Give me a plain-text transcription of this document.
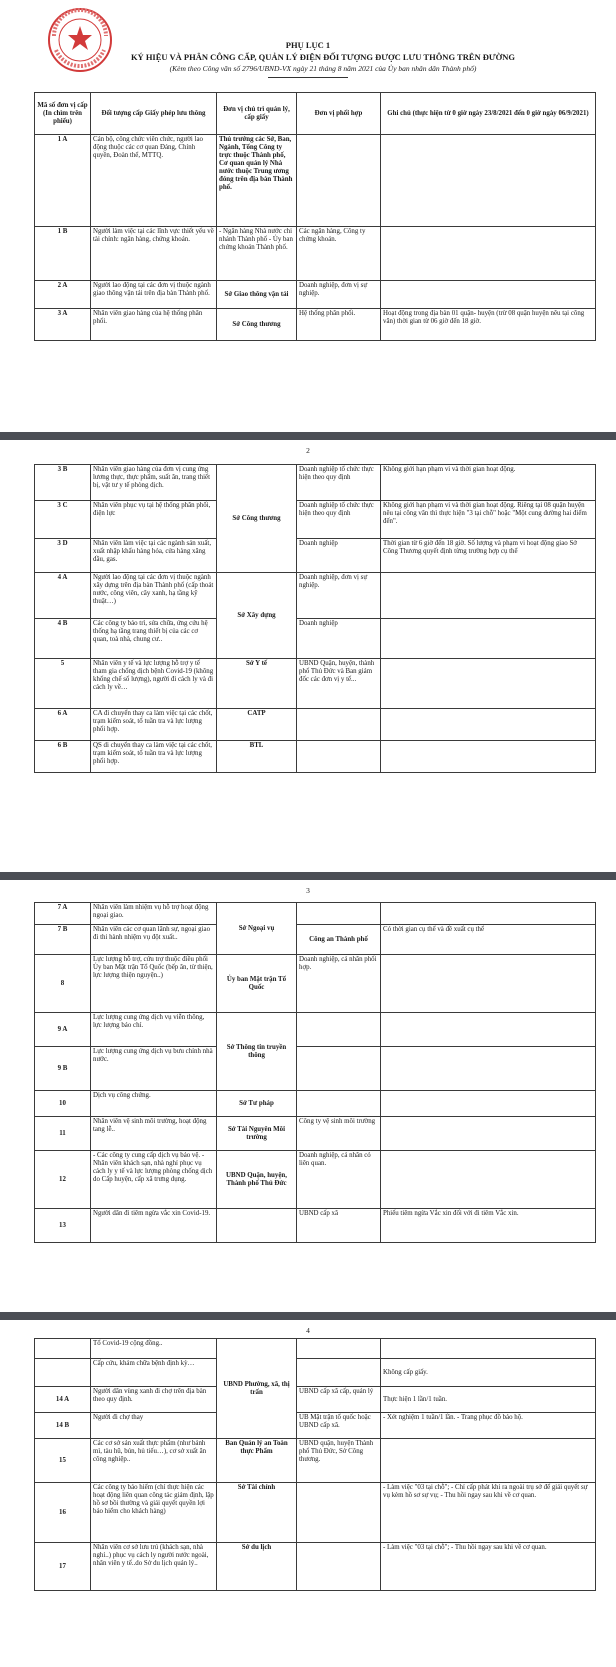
PHỤ LỤC 1
KÝ HIỆU VÀ PHÂN CÔNG CẤP, QUẢN LÝ ĐIỆN ĐỐI TƯỢNG ĐƯỢC LƯU THÔNG TRÊN ĐƯỜNG
(Kèm theo Công văn số 2796/UBND-VX ngày 21 tháng 8 năm 2021 của Ủy ban nhân dân Thành phố)
Mã số đơn vị cấp (In chìm trên phiếu)	Đối tượng cấp Giấy phép lưu thông	Đơn vị chủ trì quản lý, cấp giấy	Đơn vị phối hợp	Ghi chú (thực hiện từ 0 giờ ngày 23/8/2021 đến 0 giờ ngày 06/9/2021)
1 A	Cán bộ, công chức viên chức, người lao động thuộc các cơ quan Đảng, Chính quyền, Đoàn thể, MTTQ.	Thủ trưởng các Sở, Ban, Ngành, Tổng Công ty trực thuộc Thành phố, Cơ quan quản lý Nhà nước thuộc Trung ương đóng trên địa bàn Thành phố.		
1 B	Người làm việc tại các lĩnh vực thiết yếu về tài chính: ngân hàng, chứng khoán.	- Ngân hàng Nhà nước chi nhánh Thành phố - Ủy ban chứng khoán Thành phố.	Các ngân hàng, Công ty chứng khoán.	
2 A	Người lao động tại các đơn vị thuộc ngành giao thông vận tải trên địa bàn Thành phố.	Sở Giao thông vận tải	Doanh nghiệp, đơn vị sự nghiệp.	
3 A	Nhân viên giao hàng của hệ thống phân phối.	Sở Công thương	Hệ thống phân phối.	Hoạt động trong địa bàn 01 quận- huyện (trừ 08 quận huyện nêu tại công văn) thời gian từ 06 giờ đến 18 giờ.
2
3 B	Nhân viên giao hàng của đơn vị cung ứng lương thực, thực phẩm, suất ăn, trang thiết bị, vật tư y tế phòng dịch.	Sở Công thương	Doanh nghiệp tổ chức thực hiện theo quy định	Không giới hạn phạm vi và thời gian hoạt động.
3 C	Nhân viên phục vụ tại hệ thống phân phối, điện lực		Doanh nghiệp tổ chức thực hiện theo quy định	Không giới hạn phạm vi và thời gian hoạt động. Riêng tại 08 quận huyện nêu tại công văn thì thực hiện "3 tại chỗ" hoặc "Một cung đường hai điểm đến".
3 D	Nhân viên làm việc tại các ngành sản xuất, xuất nhập khẩu hàng hóa, cửa hàng xăng dầu, gas.		Doanh nghiệp	Thời gian từ 6 giờ đến 18 giờ. Số lượng và phạm vi hoạt động giao Sở Công Thương quyết định từng trường hợp cụ thể
4 A	Người lao động tại các đơn vị thuộc ngành xây dựng trên địa bàn Thành phố (cấp thoát nước, công viên, cây xanh, hạ tầng kỹ thuật…)	Sở Xây dựng	Doanh nghiệp, đơn vị sự nghiệp.	
4 B	Các công ty bảo trì, sửa chữa, ứng cứu hệ thống hạ tầng trang thiết bị của các cơ quan, toà nhà, chung cư..		Doanh nghiệp	
5	Nhân viên y tế và lực lượng hỗ trợ y tế tham gia chống dịch bệnh Covid-19 (không khống chế số lượng), người đi cách ly và đi cách ly về…	Sở Y tế	UBND Quận, huyện, thành phố Thủ Đức và Ban giám đốc các đơn vị y tế...	
6 A	CA đi chuyển thay ca làm việc tại các chốt, trạm kiểm soát, tổ tuần tra và lực lượng phối hợp.	CATP		
6 B	QS di chuyển thay ca làm việc tại các chốt, trạm kiểm soát, tổ tuần tra và lực lượng phối hợp.	BTL		
3
7 A	Nhân viên làm nhiệm vụ hỗ trợ hoạt động ngoại giao.	Sở Ngoại vụ		
7 B	Nhân viên các cơ quan lãnh sự, ngoại giao đi thi hành nhiệm vụ đột xuất..		Công an Thành phố	Có thời gian cụ thể và đề xuất cụ thể
8	Lực lượng hỗ trợ, cứu trợ thuộc điều phối Ủy ban Mặt trận Tổ Quốc (bếp ăn, từ thiện, lực lượng thiện nguyện..)	Ủy ban Mặt trận Tổ Quốc	Doanh nghiệp, cá nhân phối hợp.	
9 A	Lực lượng cung ứng dịch vụ viễn thông, lực lượng báo chí.	Sở Thông tin truyền thông		
9 B	Lực lượng cung ứng dịch vụ bưu chính nhà nước.			
10	Dịch vụ công chứng.	Sở Tư pháp		
11	Nhân viên vệ sinh môi trường, hoạt động tang lễ..	Sở Tài Nguyên Môi trường	Công ty vệ sinh môi trường	
12	- Các công ty cung cấp dịch vụ bảo vệ. - Nhân viên khách sạn, nhà nghỉ phục vụ cách ly y tế và lực lượng phòng chống dịch do Cấp huyện, cấp xã trưng dụng.	UBND Quận, huyện, Thành phố Thủ Đức	Doanh nghiệp, cá nhân có liên quan.	
13	Người dân đi tiêm ngừa vắc xin Covid-19.		UBND cấp xã	Phiếu tiêm ngừa Vắc xin đối với đi tiêm Vắc xin.
4
	Tổ Covid-19 cộng đồng..	UBND Phường, xã, thị trấn		
	Cấp cứu, khám chữa bệnh định kỳ…			Không cấp giấy.
14 A	Người dân vùng xanh đi chợ trên địa bàn theo quy định.		UBND cấp xã cấp, quản lý	Thực hiện 1 lần/1 tuần.
14 B	Người đi chợ thay		UB Mặt trận tổ quốc hoặc UBND cấp xã.	- Xét nghiệm 1 tuần/1 lần. - Trang phục đồ bảo hộ.
15	Các cơ sở sản xuất thực phẩm (như bánh mì, tàu hũ, bún, hủ tiếu…), cơ sở xuất ăn công nghiệp..	Ban Quản lý an Toàn thực Phẩm	UBND quận, huyện Thành phố Thủ Đức, Sở Công thương.	
16	Các công ty bảo hiểm (chỉ thực hiện các hoạt động liên quan công tác giám định, lập hồ sơ bồi thường và giải quyết quyền lợi bảo hiểm cho khách hàng)	Sở Tài chính		- Làm việc "03 tại chỗ"; - Chỉ cấp phát khi ra ngoài trụ sở để giải quyết sự vụ kèm hồ sơ sự vụ; - Thu hồi ngay sau khi về cơ quan.
17	Nhân viên cơ sở lưu trú (khách sạn, nhà nghỉ..) phục vụ cách ly người nước ngoài, nhân viên y tế..do Sở du lịch quản lý..	Sở du lịch		- Làm việc "03 tại chỗ"; - Thu hồi ngay sau khi về cơ quan.
